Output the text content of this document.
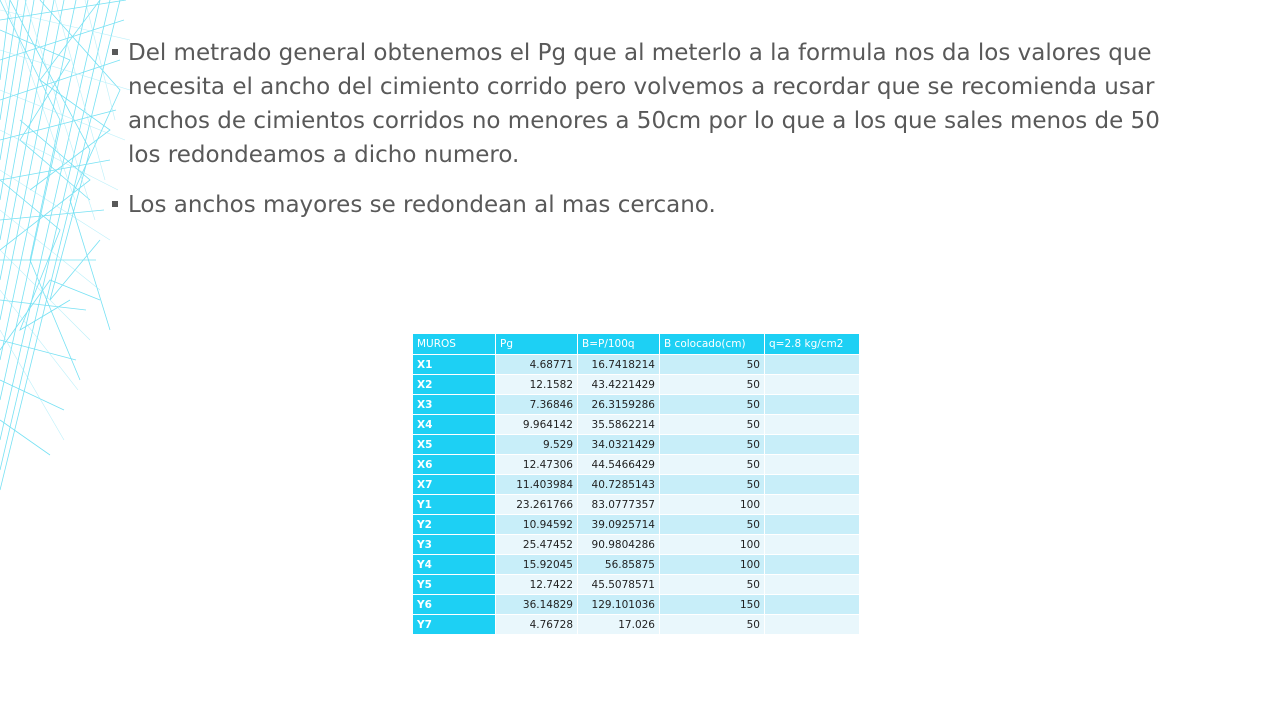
Del metrado general obtenemos el Pg que al meterlo a la formula nos da los valores que necesita el ancho del cimiento corrido pero volvemos a recordar que se recomienda usar anchos de cimientos corridos no menores a 50cm por lo que a los que sales menos de 50 los redondeamos a dicho numero.
Los anchos mayores se redondean al mas cercano.
MUROS	Pg	B=P/100q	B colocado(cm)	q=2.8 kg/cm2
X1	4.68771	16.7418214	50	
X2	12.1582	43.4221429	50	
X3	7.36846	26.3159286	50	
X4	9.964142	35.5862214	50	
X5	9.529	34.0321429	50	
X6	12.47306	44.5466429	50	
X7	11.403984	40.7285143	50	
Y1	23.261766	83.0777357	100	
Y2	10.94592	39.0925714	50	
Y3	25.47452	90.9804286	100	
Y4	15.92045	56.85875	100	
Y5	12.7422	45.5078571	50	
Y6	36.14829	129.101036	150	
Y7	4.76728	17.026	50	
